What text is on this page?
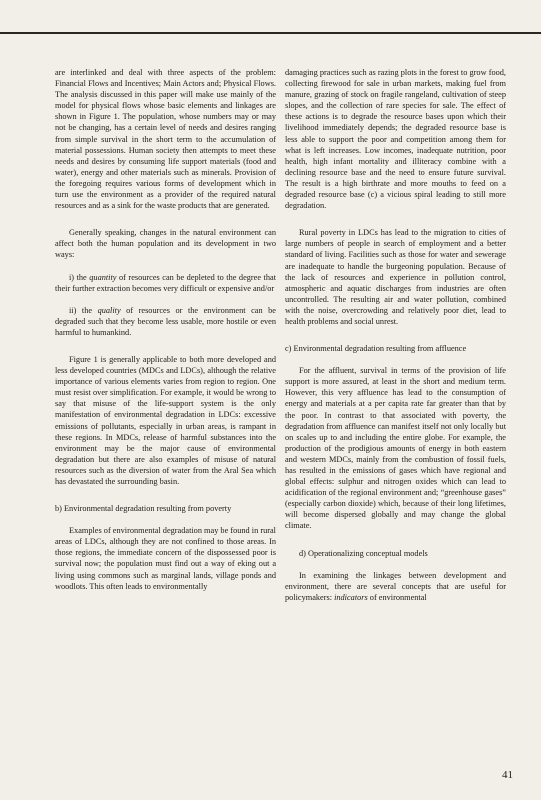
are interlinked and deal with three aspects of the problem: Financial Flows and Incentives; Main Actors and; Physical Flows. The analysis discussed in this paper will make use mainly of the model for physical flows whose basic elements and linkages are shown in Figure 1. The population, whose numbers may or may not be changing, has a certain level of needs and desires ranging from simple survival in the short term to the accumulation of material possessions. Human society then attempts to meet these needs and desires by consuming life support materials (food and water), energy and other materials such as minerals. Provision of the foregoing requires various forms of development which in turn use the environment as a provider of the required natural resources and as a sink for the waste products that are generated.

Generally speaking, changes in the natural environment can affect both the human population and its development in two ways:

i) the quantity of resources can be depleted to the degree that their further extraction becomes very difficult or expensive and/or

ii) the quality of resources or the environment can be degraded such that they become less usable, more hostile or even harmful to humankind.

Figure 1 is generally applicable to both more developed and less developed countries (MDCs and LDCs), although the relative importance of various elements varies from region to region. One must resist over simplification. For example, it would be wrong to say that misuse of the life-support system is the only manifestation of environmental degradation in LDCs: excessive emissions of pollutants, especially in urban areas, is rampant in these regions. In MDCs, release of harmful substances into the environment may be the major cause of environmental degradation but there are also examples of misuse of natural resources such as the diversion of water from the Aral Sea which has devastated the surrounding basin.

b) Environmental degradation resulting from poverty

Examples of environmental degradation may be found in rural areas of LDCs, although they are not confined to those areas. In those regions, the immediate concern of the dispossessed poor is survival now; the population must find out a way of eking out a living using commons such as marginal lands, village ponds and woodlots. This often leads to environmentally

damaging practices such as razing plots in the forest to grow food, collecting firewood for sale in urban markets, making fuel from manure, grazing of stock on fragile rangeland, cultivation of steep slopes, and the collection of rare species for sale. The effect of these actions is to degrade the resource bases upon which their livelihood immediately depends; the degraded resource base is less able to support the poor and competition among them for what is left increases. Low incomes, inadequate nutrition, poor health, high infant mortality and illiteracy combine with a declining resource base and the need to ensure future survival. The result is a high birthrate and more mouths to feed on a degraded resource base (c) a vicious spiral leading to still more degradation.

Rural poverty in LDCs has lead to the migration to cities of large numbers of people in search of employment and a better standard of living. Facilities such as those for water and sewerage are inadequate to handle the burgeoning population. Because of the lack of resources and experience in pollution control, atmospheric and aquatic discharges from industries are often uncontrolled. The resulting air and water pollution, combined with the noise, overcrowding and relatively poor diet, lead to health problems and social unrest.

c) Environmental degradation resulting from affluence

For the affluent, survival in terms of the provision of life support is more assured, at least in the short and medium term. However, this very affluence has lead to the consumption of energy and materials at a per capita rate far greater than that by the poor. In contrast to that associated with poverty, the degradation from affluence can manifest itself not only locally but on scales up to and including the entire globe. For example, the production of the prodigious amounts of energy in both eastern and western MDCs, mainly from the combustion of fossil fuels, has resulted in the emissions of gases which have regional and global effects: sulphur and nitrogen oxides which can lead to acidification of the regional environment and; “greenhouse gases” (especially carbon dioxide) which, because of their long lifetimes, will become dispersed globally and may change the global climate.

d) Operationalizing conceptual models

In examining the linkages between development and environment, there are several concepts that are useful for policymakers: indicators of environmental

41
